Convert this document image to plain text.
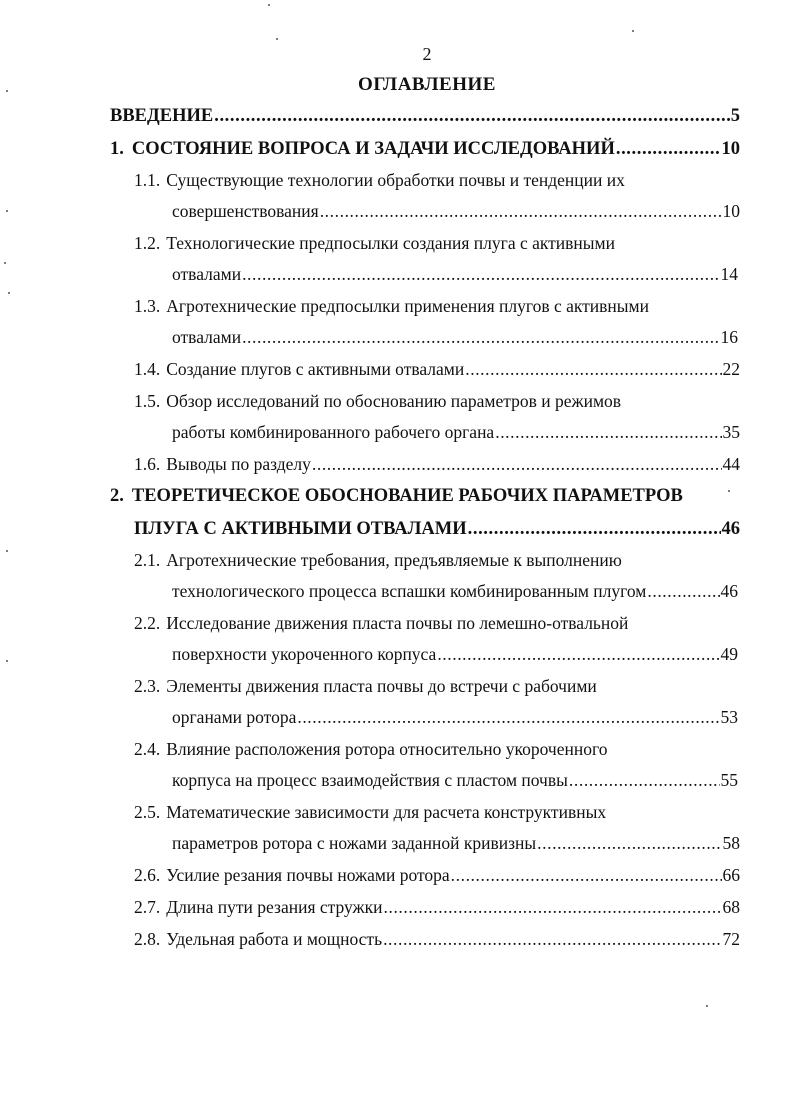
2
ОГЛАВЛЕНИЕ
ВВЕДЕНИЕ .....	5
1. СОСТОЯНИЕ ВОПРОСА И ЗАДАЧИ ИССЛЕДОВАНИЙ .....	10
1.1. Существующие технологии обработки почвы и тенденции их
совершенствования .....	10
1.2. Технологические предпосылки создания плуга с активными
отвалами .....	14
1.3. Агротехнические предпосылки применения плугов с активными
отвалами .....	16
1.4. Создание плугов с активными отвалами .....	22
1.5. Обзор исследований по обоснованию параметров и режимов
работы комбинированного рабочего органа .....	35
1.6. Выводы по разделу .....	44
2. ТЕОРЕТИЧЕСКОЕ ОБОСНОВАНИЕ РАБОЧИХ ПАРАМЕТРОВ
ПЛУГА С АКТИВНЫМИ ОТВАЛАМИ .....	46
2.1. Агротехнические требования, предъявляемые к выполнению
технологического процесса вспашки комбинированным плугом .....	46
2.2. Исследование движения пласта почвы по лемешно-отвальной
поверхности укороченного корпуса .....	49
2.3. Элементы движения пласта почвы до встречи с рабочими
органами ротора .....	53
2.4. Влияние расположения ротора относительно укороченного
корпуса на процесс взаимодействия с пластом почвы .....	55
2.5. Математические зависимости для расчета конструктивных
параметров ротора с ножами заданной кривизны .....	58
2.6. Усилие резания почвы ножами ротора .....	66
2.7. Длина пути резания стружки .....	68
2.8. Удельная работа и мощность .....	72
